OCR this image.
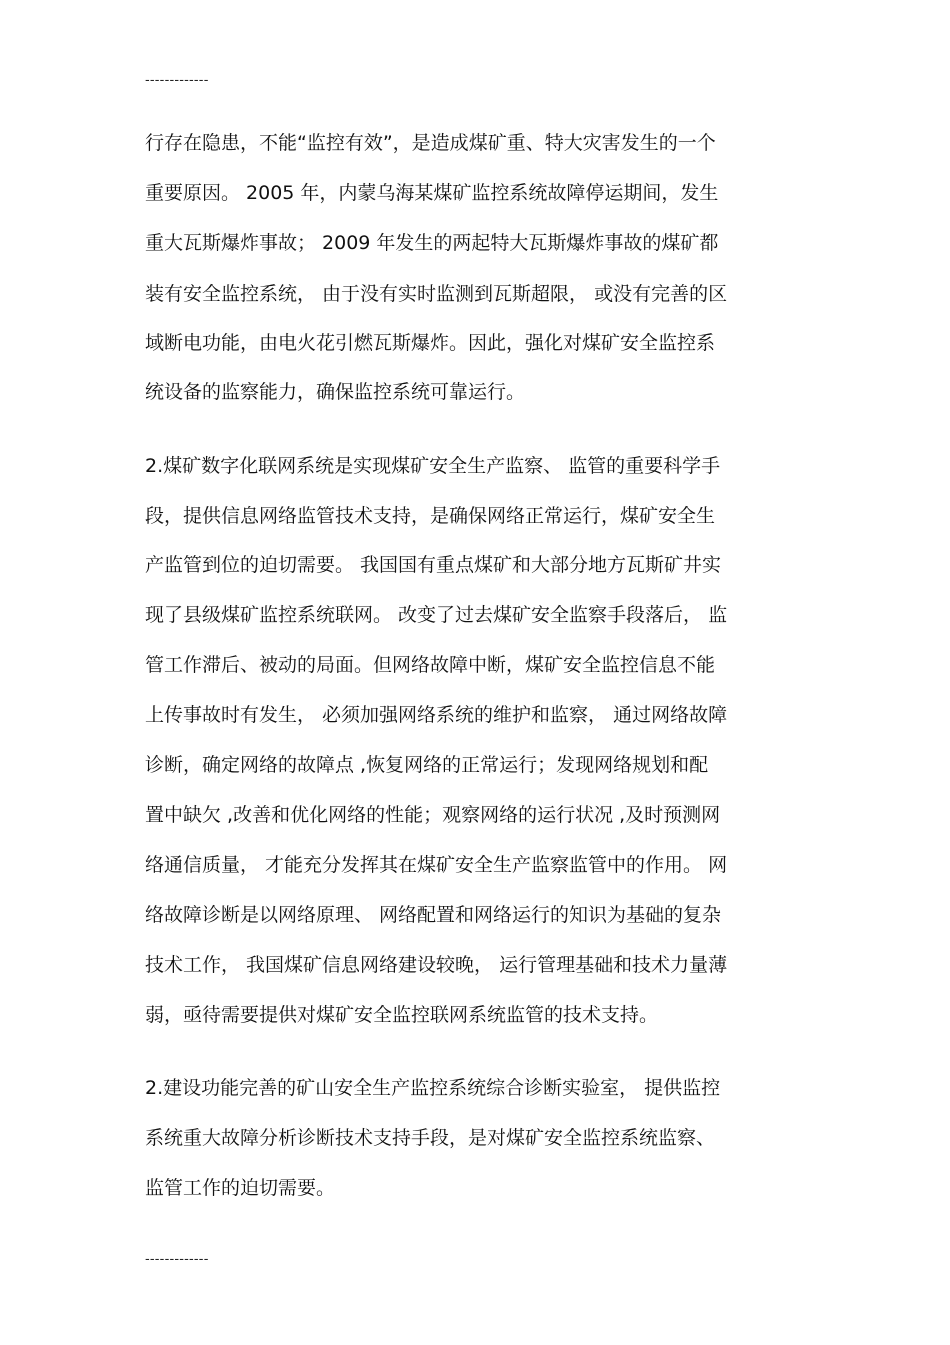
-------------
行存在隐患，不能“监控有效”，是造成煤矿重、特大灾害发生的一个
重要原因。 2005 年，内蒙乌海某煤矿监控系统故障停运期间，发生
重大瓦斯爆炸事故； 2009 年发生的两起特大瓦斯爆炸事故的煤矿都
装有安全监控系统， 由于没有实时监测到瓦斯超限， 或没有完善的区
域断电功能，由电火花引燃瓦斯爆炸。因此，强化对煤矿安全监控系
统设备的监察能力，确保监控系统可靠运行。
2.煤矿数字化联网系统是实现煤矿安全生产监察、 监管的重要科学手
段，提供信息网络监管技术支持，是确保网络正常运行，煤矿安全生
产监管到位的迫切需要。 我国国有重点煤矿和大部分地方瓦斯矿井实
现了县级煤矿监控系统联网。 改变了过去煤矿安全监察手段落后， 监
管工作滞后、被动的局面。但网络故障中断，煤矿安全监控信息不能
上传事故时有发生， 必须加强网络系统的维护和监察， 通过网络故障
诊断，确定网络的故障点 ,恢复网络的正常运行；发现网络规划和配
置中缺欠 ,改善和优化网络的性能；观察网络的运行状况 ,及时预测网
络通信质量， 才能充分发挥其在煤矿安全生产监察监管中的作用。 网
络故障诊断是以网络原理、 网络配置和网络运行的知识为基础的复杂
技术工作， 我国煤矿信息网络建设较晚， 运行管理基础和技术力量薄
弱，亟待需要提供对煤矿安全监控联网系统监管的技术支持。
2.建设功能完善的矿山安全生产监控系统综合诊断实验室， 提供监控
系统重大故障分析诊断技术支持手段，是对煤矿安全监控系统监察、
监管工作的迫切需要。
-------------
